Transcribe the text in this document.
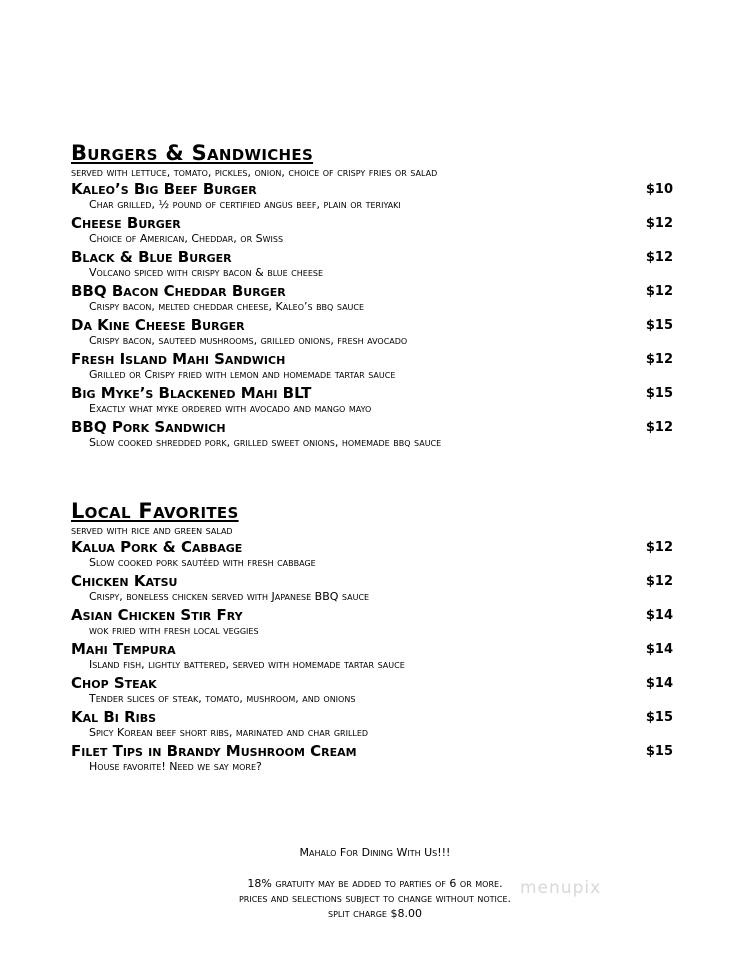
Burgers & Sandwiches
served with lettuce, tomato, pickles, onion, choice of crispy fries or salad
Kaleo’s Big Beef Burger	$10
Char grilled, ½ pound of certified angus beef, plain or teriyaki
Cheese Burger	$12
Choice of American, Cheddar, or Swiss
Black & Blue Burger	$12
Volcano spiced with crispy bacon & blue cheese
BBQ Bacon Cheddar Burger	$12
Crispy bacon, melted cheddar cheese, Kaleo’s bbq sauce
Da Kine Cheese Burger	$15
Crispy bacon, sauteed mushrooms, grilled onions, fresh avocado
Fresh Island Mahi Sandwich	$12
Grilled or Crispy fried with lemon and homemade tartar sauce
Big Myke’s Blackened Mahi BLT	$15
Exactly what myke ordered with avocado and mango mayo
BBQ Pork Sandwich	$12
Slow cooked shredded pork, grilled sweet onions, homemade bbq sauce
Local Favorites
served with rice and green salad
Kalua Pork & Cabbage	$12
Slow cooked pork sautéed with fresh cabbage
Chicken Katsu	$12
Crispy, boneless chicken served with Japanese BBQ sauce
Asian Chicken Stir Fry	$14
wok fried with fresh local veggies
Mahi Tempura	$14
Island fish, lightly battered, served with homemade tartar sauce
Chop Steak	$14
Tender slices of steak, tomato, mushroom, and onions
Kal Bi Ribs	$15
Spicy Korean beef short ribs, marinated and char grilled
Filet Tips in Brandy Mushroom Cream	$15
House favorite! Need we say more?
Mahalo For Dining With Us!!!
18% gratuity may be added to parties of 6 or more.
prices and selections subject to change without notice.
split charge $8.00
menupix
